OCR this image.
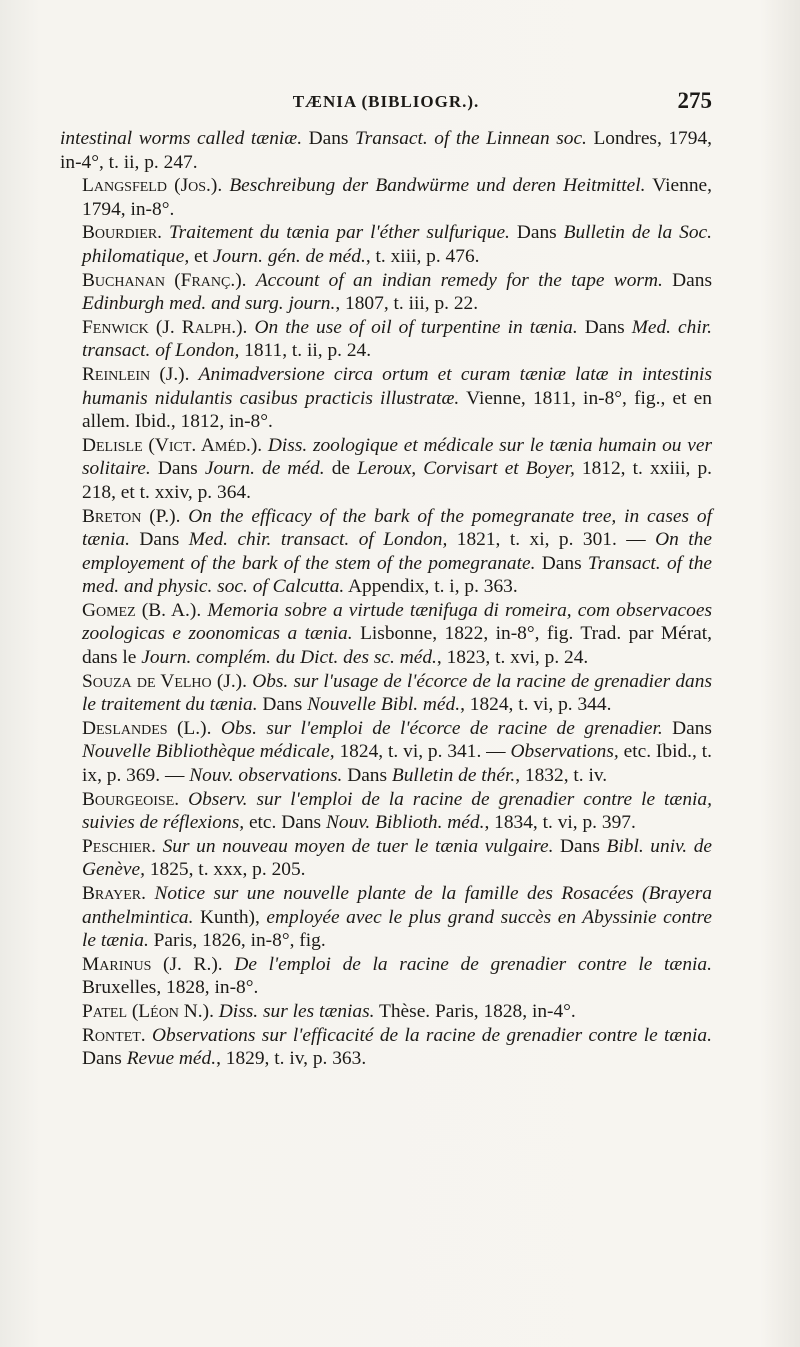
TÆNIA (BIBLIOGR.).	275

intestinal worms called tæniæ. Dans Transact. of the Linnean soc. Londres, 1794, in-4°, t. ii, p. 247.

Langsfeld (Jos.). Beschreibung der Bandwürme und deren Heitmittel. Vienne, 1794, in-8°.

Bourdier. Traitement du tænia par l'éther sulfurique. Dans Bulletin de la Soc. philomatique, et Journ. gén. de méd., t. xiii, p. 476.

Buchanan (Franç.). Account of an indian remedy for the tape worm. Dans Edinburgh med. and surg. journ., 1807, t. iii, p. 22.

Fenwick (J. Ralph.). On the use of oil of turpentine in tænia. Dans Med. chir. transact. of London, 1811, t. ii, p. 24.

Reinlein (J.). Animadversione circa ortum et curam tæniæ latæ in intestinis humanis nidulantis casibus practicis illustratæ. Vienne, 1811, in-8°, fig., et en allem. Ibid., 1812, in-8°.

Delisle (Vict. Améd.). Diss. zoologique et médicale sur le tænia humain ou ver solitaire. Dans Journ. de méd. de Leroux, Corvisart et Boyer, 1812, t. xxiii, p. 218, et t. xxiv, p. 364.

Breton (P.). On the efficacy of the bark of the pomegranate tree, in cases of tænia. Dans Med. chir. transact. of London, 1821, t. xi, p. 301. — On the employement of the bark of the stem of the pomegranate. Dans Transact. of the med. and physic. soc. of Calcutta. Appendix, t. i, p. 363.

Gomez (B. A.). Memoria sobre a virtude tænifuga di romeira, com observacoes zoologicas e zoonomicas a tænia. Lisbonne, 1822, in-8°, fig. Trad. par Mérat, dans le Journ. complém. du Dict. des sc. méd., 1823, t. xvi, p. 24.

Souza de Velho (J.). Obs. sur l'usage de l'écorce de la racine de grenadier dans le traitement du tænia. Dans Nouvelle Bibl. méd., 1824, t. vi, p. 344.

Deslandes (L.). Obs. sur l'emploi de l'écorce de racine de grenadier. Dans Nouvelle Bibliothèque médicale, 1824, t. vi, p. 341. — Observations, etc. Ibid., t. ix, p. 369. — Nouv. observations. Dans Bulletin de thér., 1832, t. iv.

Bourgeoise. Observ. sur l'emploi de la racine de grenadier contre le tænia, suivies de réflexions, etc. Dans Nouv. Biblioth. méd., 1834, t. vi, p. 397.

Peschier. Sur un nouveau moyen de tuer le tænia vulgaire. Dans Bibl. univ. de Genève, 1825, t. xxx, p. 205.

Brayer. Notice sur une nouvelle plante de la famille des Rosacées (Brayera anthelmintica. Kunth), employée avec le plus grand succès en Abyssinie contre le tænia. Paris, 1826, in-8°, fig.

Marinus (J. R.). De l'emploi de la racine de grenadier contre le tænia. Bruxelles, 1828, in-8°.

Patel (Léon N.). Diss. sur les tænias. Thèse. Paris, 1828, in-4°.

Rontet. Observations sur l'efficacité de la racine de grenadier contre le tænia. Dans Revue méd., 1829, t. iv, p. 363.
